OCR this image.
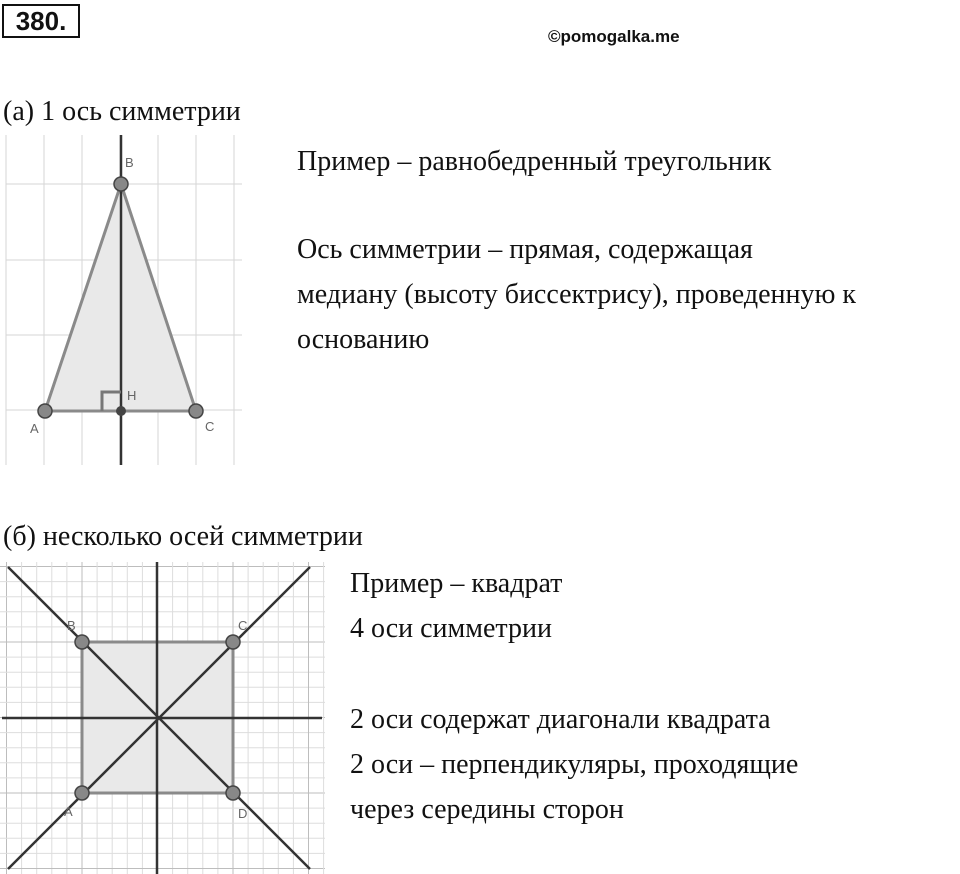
380.
©pomogalka.me
(а) 1 ось симметрии
B
H
A	C
Пример – равнобедренный треугольник
Ось симметрии – прямая, содержащая
медиану (высоту биссектрису), проведенную к
основанию
(б) несколько осей симметрии
B	C
A	D
Пример – квадрат
4 оси симметрии
2 оси содержат диагонали квадрата
2 оси – перпендикуляры, проходящие
через середины сторон
